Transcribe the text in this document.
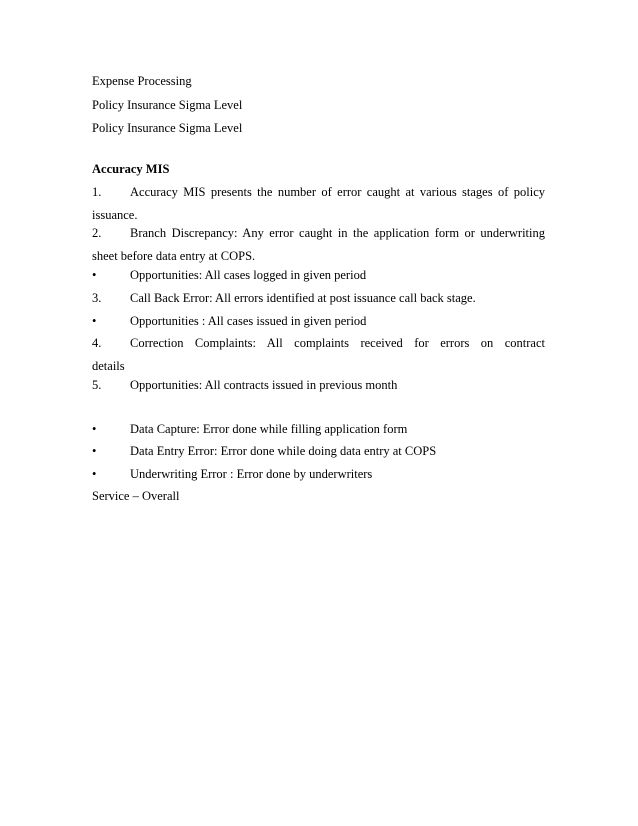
Expense Processing
Policy Insurance Sigma Level
Policy Insurance Sigma Level
Accuracy MIS
1.	Accuracy MIS presents the number of error caught at various stages of policy
issuance.
2.	Branch Discrepancy: Any error caught in the application form or underwriting
sheet before data entry at COPS.
•	Opportunities: All cases logged in given period
3.	Call Back Error: All errors identified at post issuance call back stage.
•	Opportunities : All cases issued in given period
4.	Correction Complaints: All complaints received for errors on contract
details
5.	Opportunities: All contracts issued in previous month
•	Data Capture: Error done while filling application form
•	Data Entry Error: Error done while doing data entry at COPS
•	Underwriting Error : Error done by underwriters
Service – Overall
